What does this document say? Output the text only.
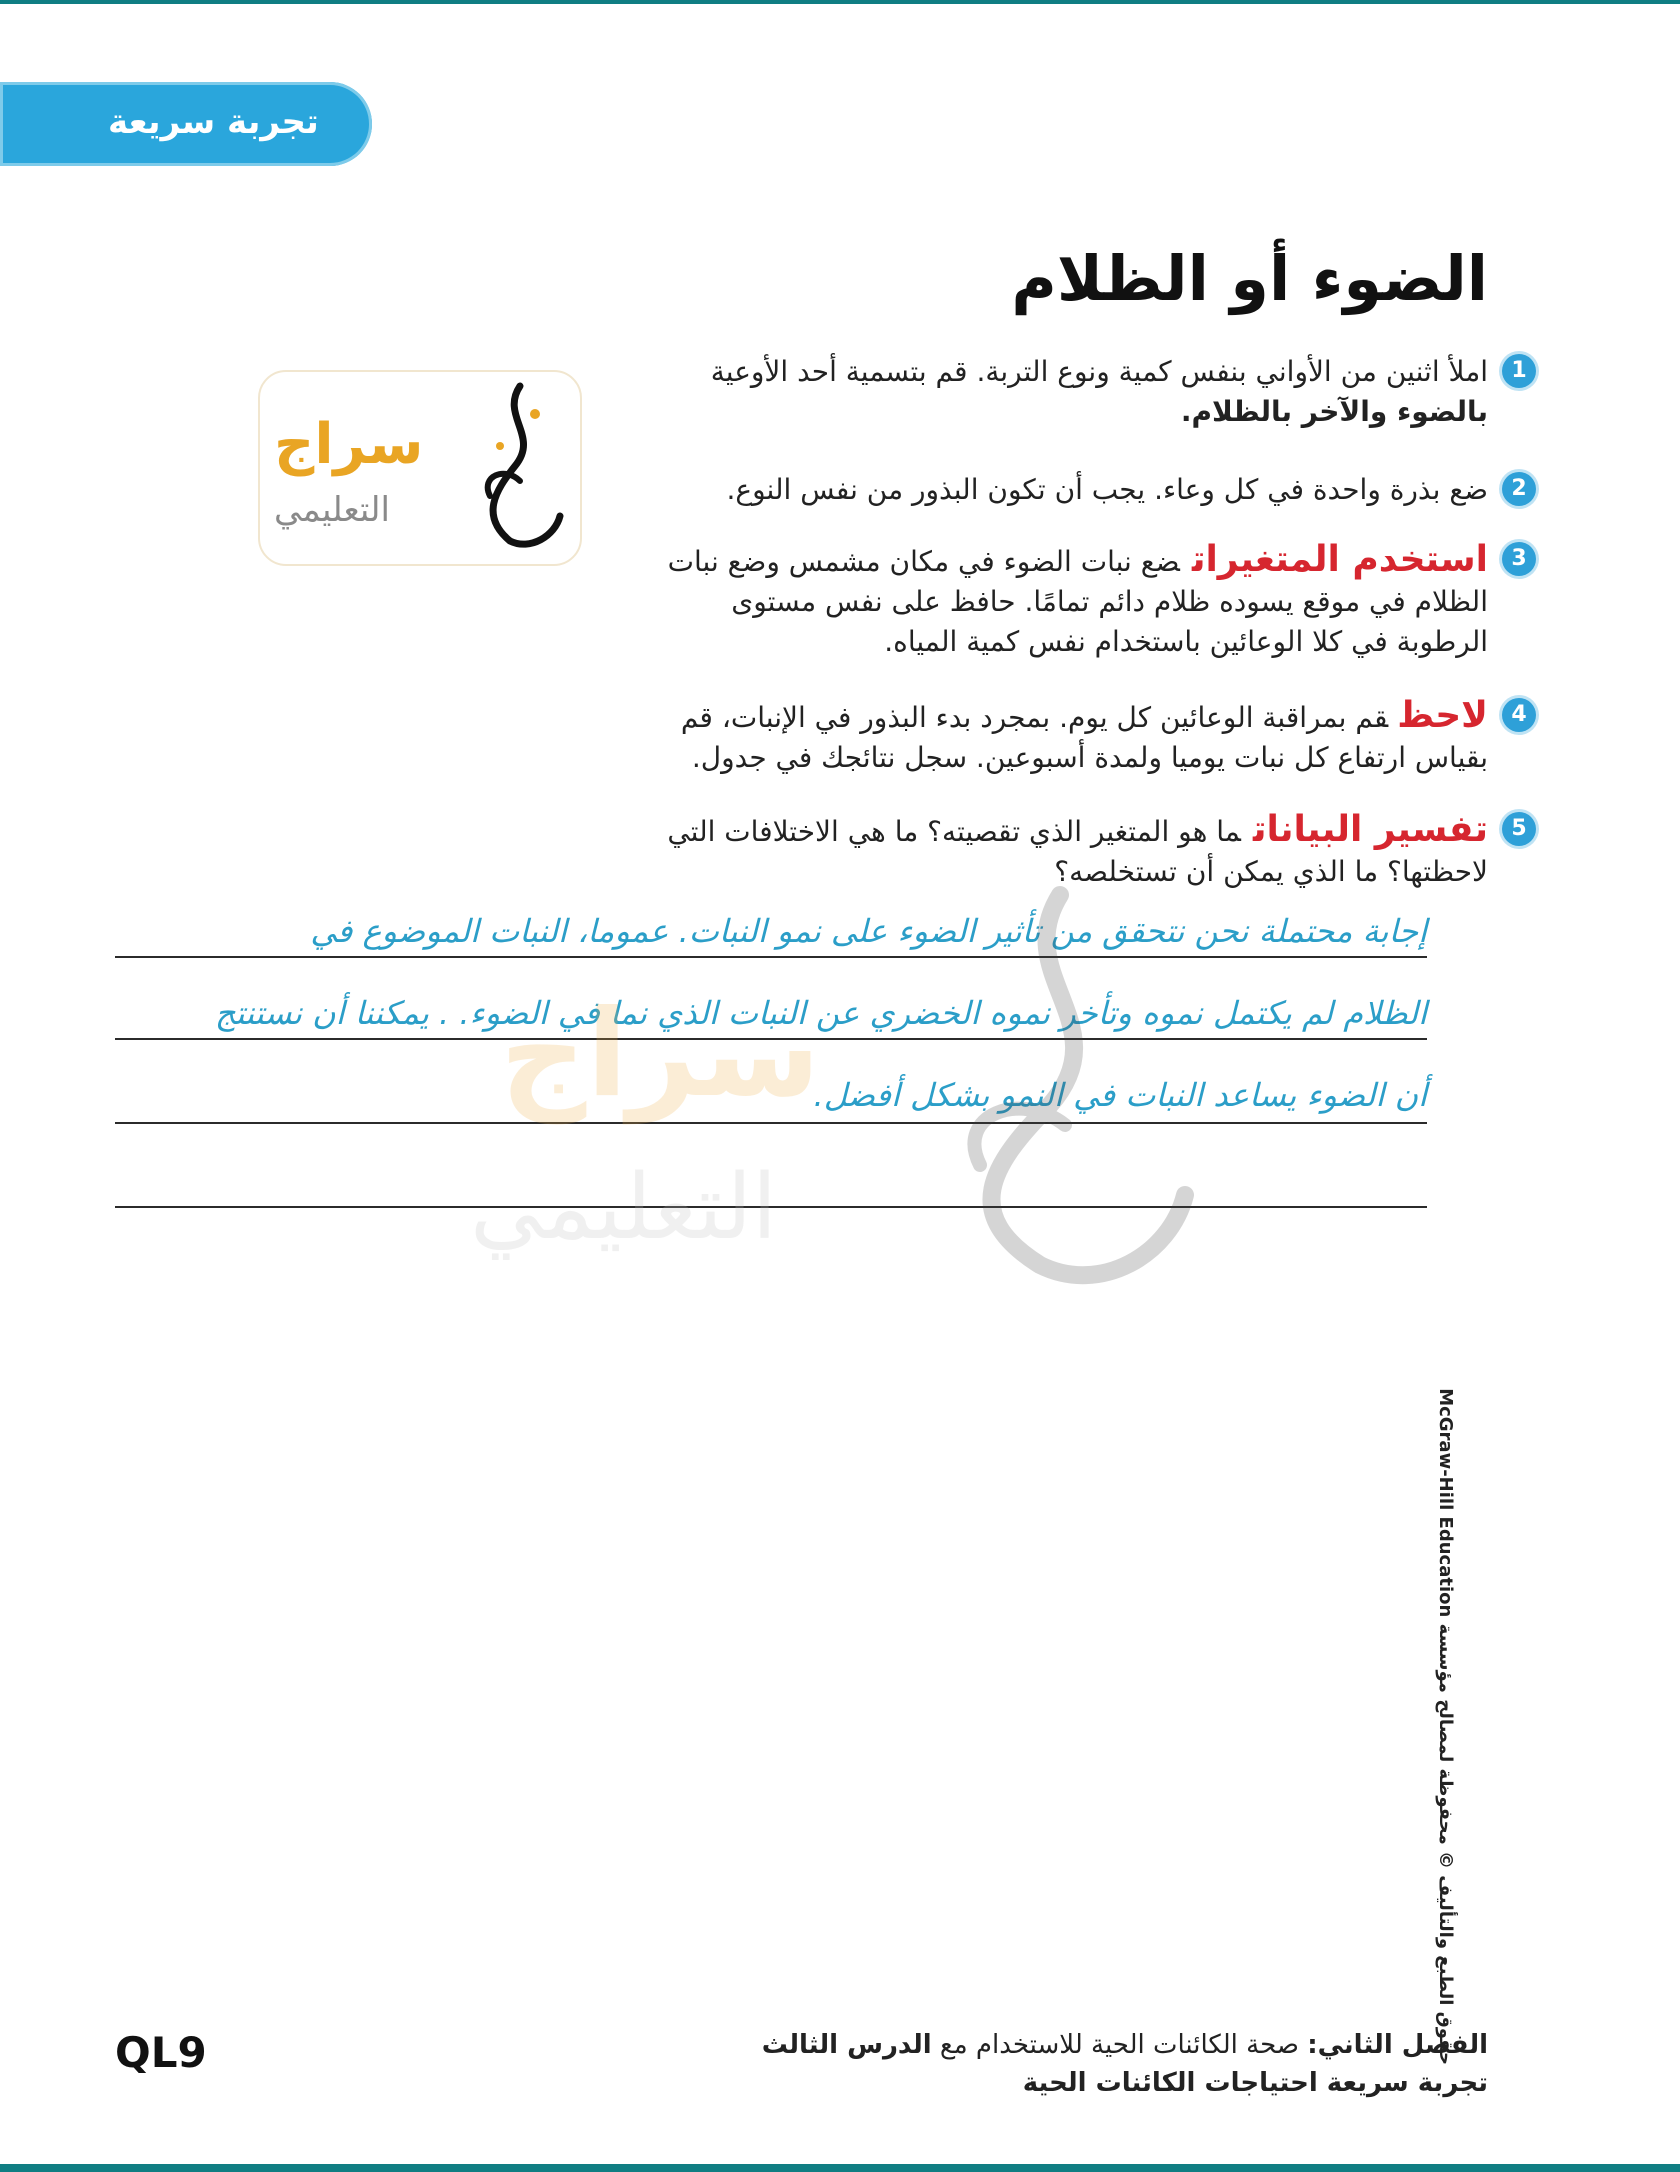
تجربة سريعة
الضوء أو الظلام
1
املأ اثنين من الأواني بنفس كمية ونوع التربة. قم بتسمية أحد الأوعية
بالضوء والآخر بالظلام.
2
ضع بذرة واحدة في كل وعاء. يجب أن تكون البذور من نفس النوع.
3
استخدم المتغيراتضع نبات الضوء في مكان مشمس وضع نبات
الظلام في موقع يسوده ظلام دائم تمامًا. حافظ على نفس مستوى
الرطوبة في كلا الوعائين باستخدام نفس كمية المياه.
4
لاحظقم بمراقبة الوعائين كل يوم. بمجرد بدء البذور في الإنبات، قم
بقياس ارتفاع كل نبات يوميا ولمدة أسبوعين. سجل نتائجك في جدول.
5
تفسير البياناتما هو المتغير الذي تقصيته؟ ما هي الاختلافات التي
لاحظتها؟ ما الذي يمكن أن تستخلصه؟
إجابة محتملة نحن نتحقق من تأثير الضوء على نمو النبات. عموما، النبات الموضوع في
الظلام لم يكتمل نموه وتأخر نموه الخضري عن النبات الذي نما في الضوء. . يمكننا أن نستنتج
أن الضوء يساعد النبات في النمو بشكل أفضل.
سراج
التعليمي
سراج
التعليمي
حقوق الطبع والتأليف © محفوظة لمصالح مؤسسة McGraw-Hill Education
الفصل الثاني: صحة الكائنات الحية للاستخدام مع الدرس الثالث
تجربة سريعة احتياجات الكائنات الحية
QL9
